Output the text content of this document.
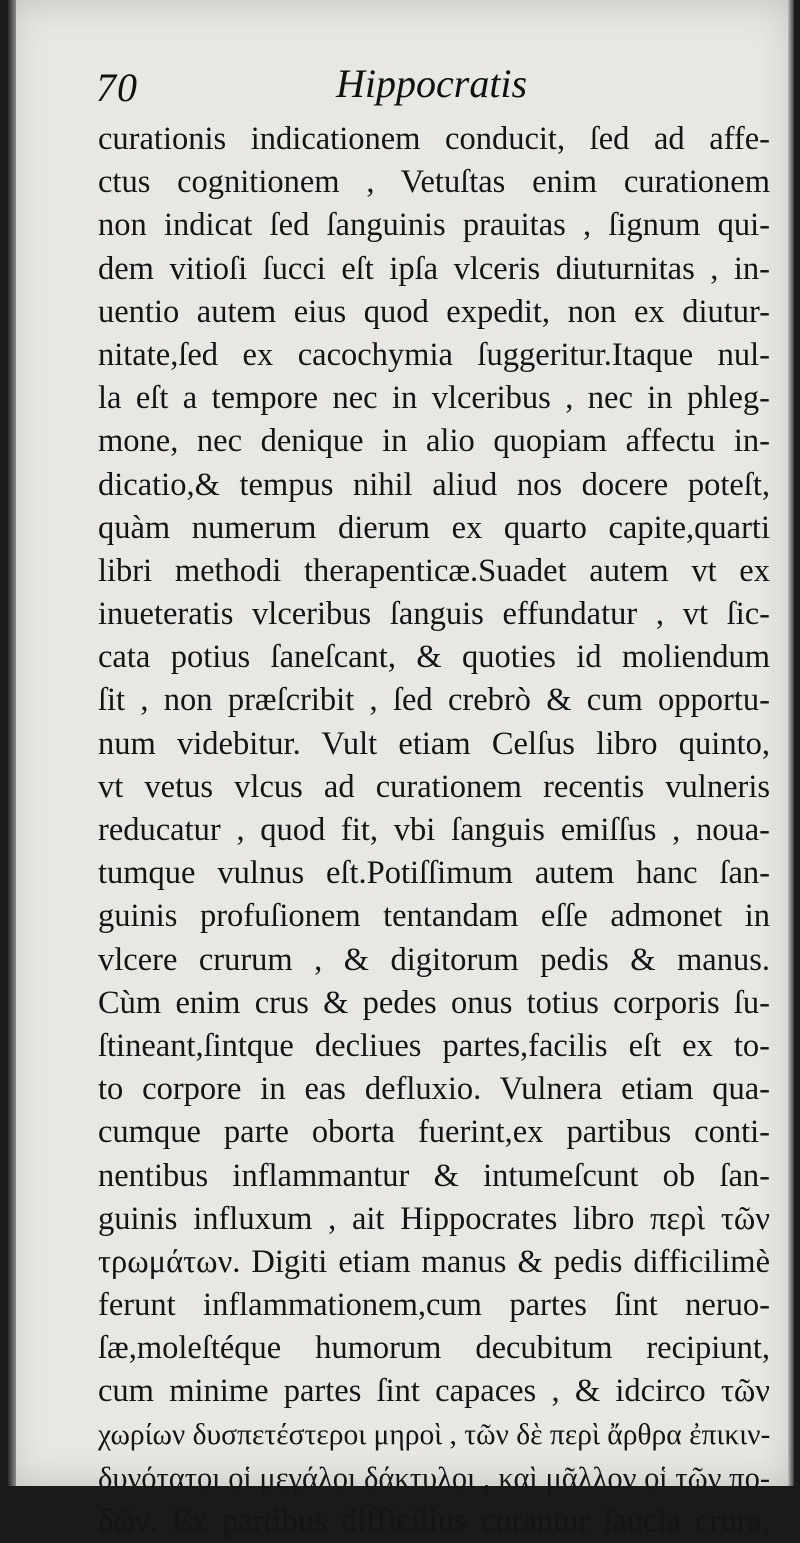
70	Hippocratis
curationis indicationem conducit, ſed ad affe-
ctus cognitionem , Vetuſtas enim curationem
non indicat ſed ſanguinis prauitas , ſignum qui-
dem vitioſi ſucci eſt ipſa vlceris diuturnitas , in-
uentio autem eius quod expedit, non ex diutur-
nitate,ſed ex cacochymia ſuggeritur.Itaque nul-
la eſt a tempore nec in vlceribus , nec in phleg-
mone, nec denique in alio quopiam affectu in-
dicatio,& tempus nihil aliud nos docere poteſt,
quàm numerum dierum ex quarto capite,quarti
libri methodi therapenticæ.Suadet autem vt ex
inueteratis vlceribus ſanguis effundatur , vt ſic-
cata potius ſaneſcant, & quoties id moliendum
ſit , non præſcribit , ſed crebrò & cum opportu-
num videbitur. Vult etiam Celſus libro quinto,
vt vetus vlcus ad curationem recentis vulneris
reducatur , quod fit, vbi ſanguis emiſſus , noua-
tumque vulnus eſt.Potiſſimum autem hanc ſan-
guinis profuſionem tentandam eſſe admonet in
vlcere crurum , & digitorum pedis & manus.
Cùm enim crus & pedes onus totius corporis ſu-
ſtineant,ſintque decliues partes,facilis eſt ex to-
to corpore in eas defluxio. Vulnera etiam qua-
cumque parte oborta fuerint,ex partibus conti-
nentibus inflammantur & intumeſcunt ob ſan-
guinis influxum , ait Hippocrates libro περὶ τῶν
τρωμάτων. Digiti etiam manus & pedis difficilimè
ferunt inflammationem,cum partes ſint neruo-
ſæ,moleſtéque humorum decubitum recipiunt,
cum minime partes ſint capaces , & idcirco τῶν
χωρίων δυσπετέστεροι μηροὶ , τῶν δὲ περὶ ἄρθρα ἐπικιν-
δυνότατοι οἱ μεγάλοι δάκτυλοι , καὶ μᾶλλον οἱ τῶν πο-
δῶν. Ex partibus difficilius curantur ſaucia crura,
